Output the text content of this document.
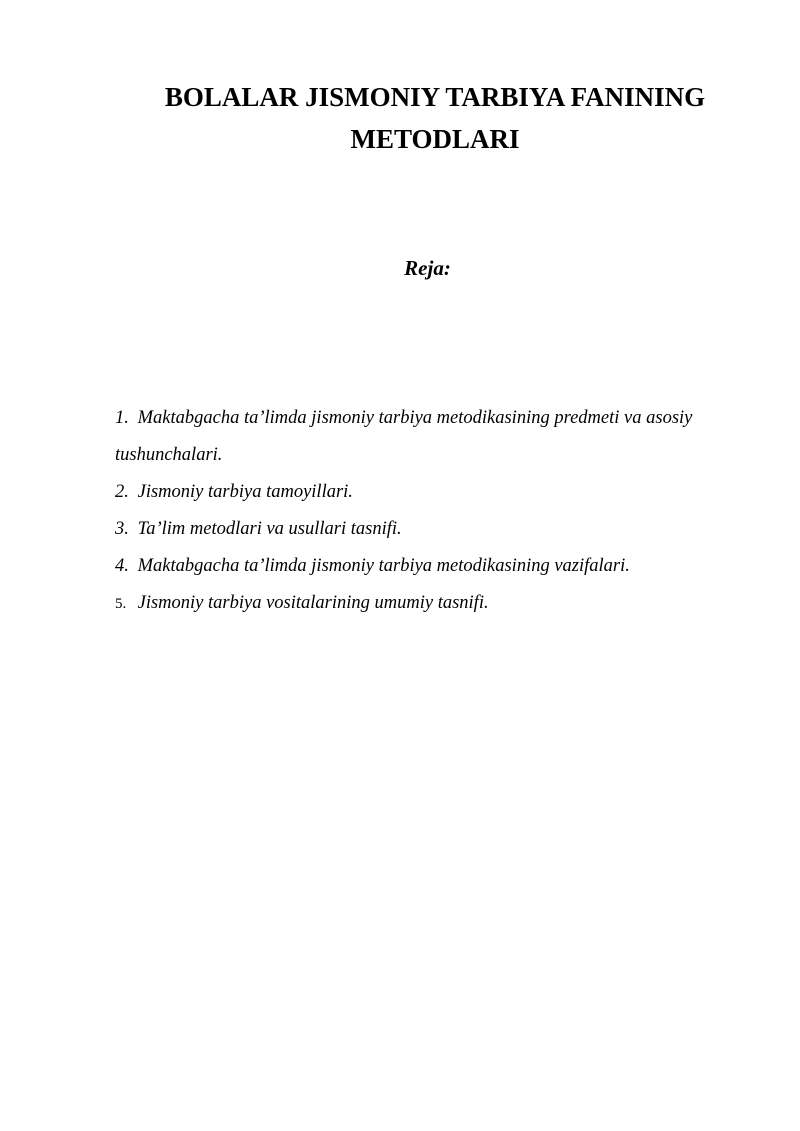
BOLALAR JISMONIY TARBIYA FANINING METODLARI
Reja:
1. Maktabgacha ta’limda jismoniy tarbiya metodikasining predmeti va asosiy tushunchalari.
2. Jismoniy tarbiya tamoyillari.
3. Ta’lim metodlari va usullari tasnifi.
4. Maktabgacha ta’limda jismoniy tarbiya metodikasining vazifalari.
5. Jismoniy tarbiya vositalarining umumiy tasnifi.
